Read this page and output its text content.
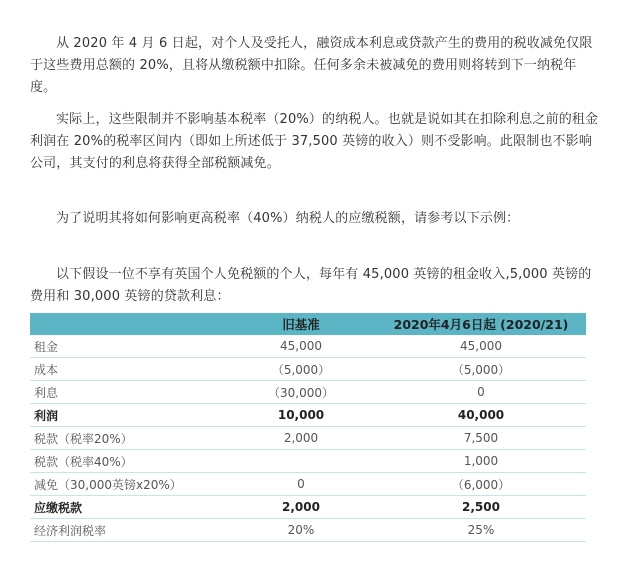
从 2020 年 4 月 6 日起，对个人及受托人，融资成本利息或贷款产生的费用的税收减免仅限于这些费用总额的 20%，且将从缴税额中扣除。任何多余未被减免的费用则将转到下一纳税年度。

实际上，这些限制并不影响基本税率（20%）的纳税人。也就是说如其在扣除利息之前的租金利润在 20%的税率区间内（即如上所述低于 37,500 英镑的收入）则不受影响。此限制也不影响公司，其支付的利息将获得全部税额减免。

为了说明其将如何影响更高税率（40%）纳税人的应缴税额，请参考以下示例：

以下假设一位不享有英国个人免税额的个人，每年有 45,000 英镑的租金收入,5,000 英镑的费用和 30,000 英镑的贷款利息：

	旧基准	2020年4月6日起 (2020/21)
租金	45,000	45,000
成本	（5,000）	（5,000）
利息	（30,000）	0
利润	10,000	40,000
税款（税率20%）	2,000	7,500
税款（税率40%）		1,000
减免（30,000英镑x20%）	0	（6,000）
应缴税款	2,000	2,500
经济利润税率	20%	25%
